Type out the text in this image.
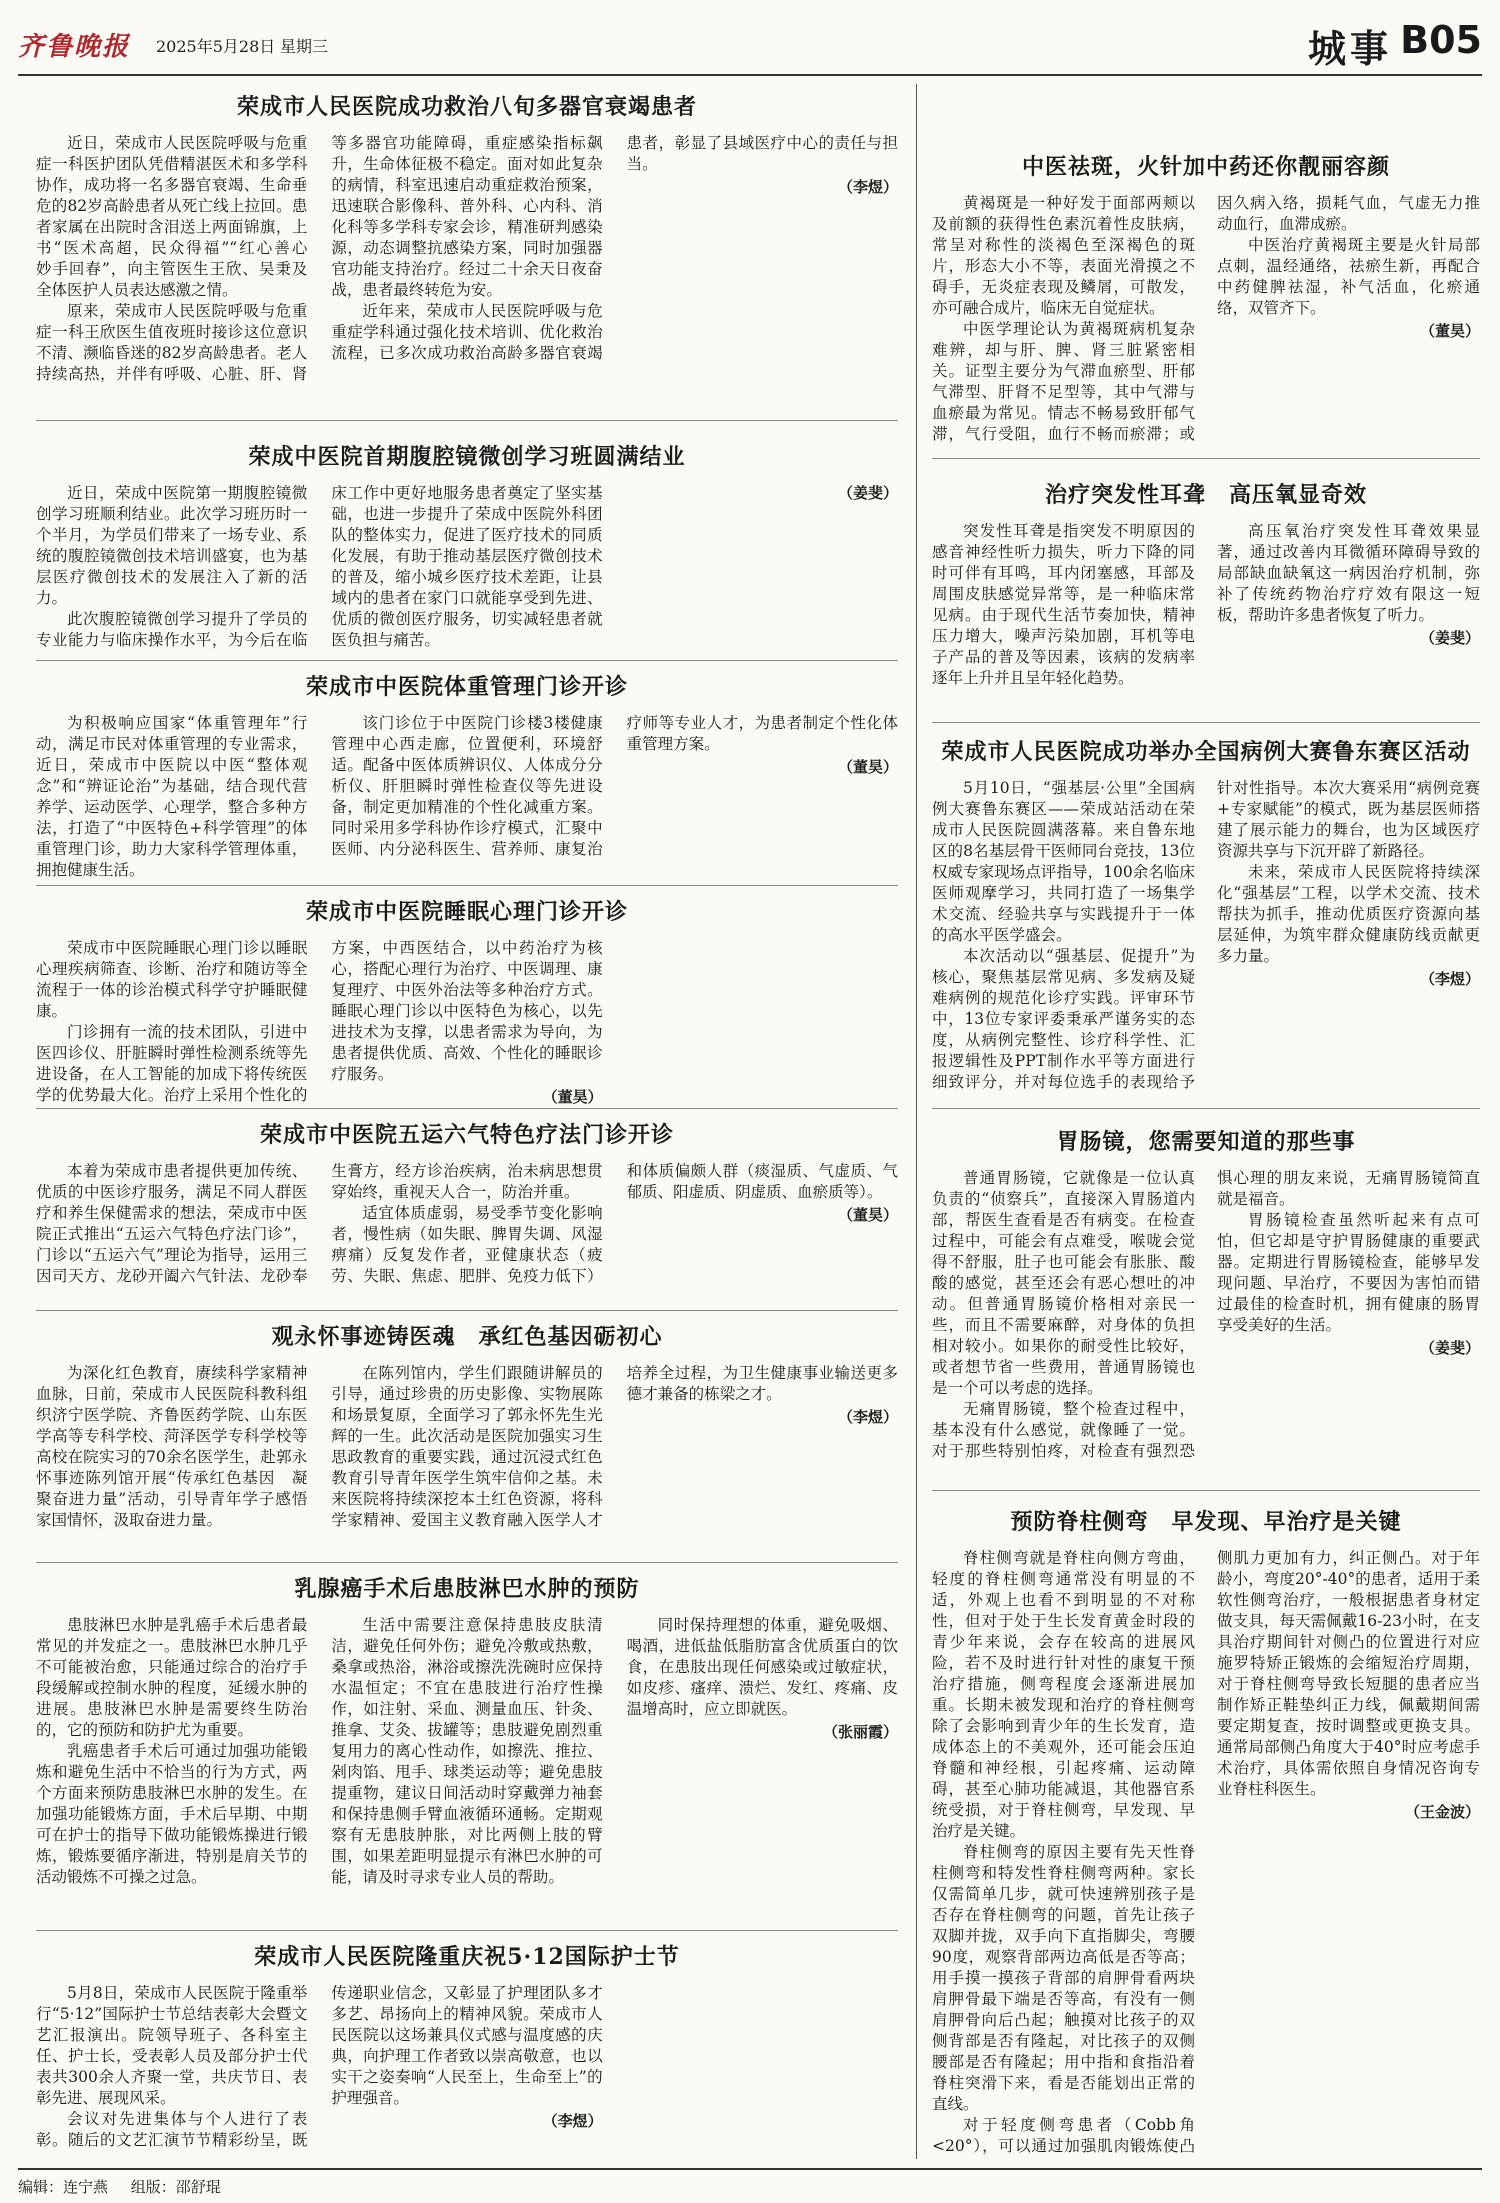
齐鲁晚报 2025年5月28日 星期三	城事 B05
荣成市人民医院成功救治八旬多器官衰竭患者

近日，荣成市人民医院呼吸与危重症一科医护团队凭借精湛医术和多学科协作，成功将一名多器官衰竭、生命垂危的82岁高龄患者从死亡线上拉回。患者家属在出院时含泪送上两面锦旗，上书“医术高超，民众得福”“红心善心　妙手回春”，向主管医生王欣、吴秉及全体医护人员表达感激之情。

原来，荣成市人民医院呼吸与危重症一科王欣医生值夜班时接诊这位意识不清、濒临昏迷的82岁高龄患者。老人持续高热，并伴有呼吸、心脏、肝、肾等多器官功能障碍，重症感染指标飙升，生命体征极不稳定。面对如此复杂的病情，科室迅速启动重症救治预案，迅速联合影像科、普外科、心内科、消化科等多学科专家会诊，精准研判感染源，动态调整抗感染方案，同时加强器官功能支持治疗。经过二十余天日夜奋战，患者最终转危为安。

近年来，荣成市人民医院呼吸与危重症学科通过强化技术培训、优化救治流程，已多次成功救治高龄多器官衰竭患者，彰显了县域医疗中心的责任与担当。

（李煜）
荣成中医院首期腹腔镜微创学习班圆满结业

近日，荣成中医院第一期腹腔镜微创学习班顺利结业。此次学习班历时一个半月，为学员们带来了一场专业、系统的腹腔镜微创技术培训盛宴，也为基层医疗微创技术的发展注入了新的活力。

此次腹腔镜微创学习提升了学员的专业能力与临床操作水平，为今后在临床工作中更好地服务患者奠定了坚实基础，也进一步提升了荣成中医院外科团队的整体实力，促进了医疗技术的同质化发展，有助于推动基层医疗微创技术的普及，缩小城乡医疗技术差距，让县域内的患者在家门口就能享受到先进、优质的微创医疗服务，切实减轻患者就医负担与痛苦。

（姜斐）
荣成市中医院体重管理门诊开诊

为积极响应国家“体重管理年”行动，满足市民对体重管理的专业需求，近日，荣成市中医院以中医“整体观念”和“辨证论治”为基础，结合现代营养学、运动医学、心理学，整合多种方法，打造了“中医特色+科学管理”的体重管理门诊，助力大家科学管理体重，拥抱健康生活。

该门诊位于中医院门诊楼3楼健康管理中心西走廊，位置便利，环境舒适。配备中医体质辨识仪、人体成分分析仪、肝胆瞬时弹性检查仪等先进设备，制定更加精准的个性化减重方案。同时采用多学科协作诊疗模式，汇聚中医师、内分泌科医生、营养师、康复治疗师等专业人才，为患者制定个性化体重管理方案。

（董昊）
荣成市中医院睡眠心理门诊开诊

荣成市中医院睡眠心理门诊以睡眠心理疾病筛查、诊断、治疗和随访等全流程于一体的诊治模式科学守护睡眠健康。

门诊拥有一流的技术团队，引进中医四诊仪、肝脏瞬时弹性检测系统等先进设备，在人工智能的加成下将传统医学的优势最大化。治疗上采用个性化的方案，中西医结合，以中药治疗为核心，搭配心理行为治疗、中医调理、康复理疗、中医外治法等多种治疗方式。睡眠心理门诊以中医特色为核心，以先进技术为支撑，以患者需求为导向，为患者提供优质、高效、个性化的睡眠诊疗服务。

（董昊）
荣成市中医院五运六气特色疗法门诊开诊

本着为荣成市患者提供更加传统、优质的中医诊疗服务，满足不同人群医疗和养生保健需求的想法，荣成市中医院正式推出“五运六气特色疗法门诊”，门诊以“五运六气”理论为指导，运用三因司天方、龙砂开阖六气针法、龙砂奉生膏方，经方诊治疾病，治未病思想贯穿始终，重视天人合一，防治并重。

适宜体质虚弱，易受季节变化影响者，慢性病（如失眠、脾胃失调、风湿痹痛）反复发作者，亚健康状态（疲劳、失眠、焦虑、肥胖、免疫力低下）和体质偏颇人群（痰湿质、气虚质、气郁质、阳虚质、阴虚质、血瘀质等）。

（董昊）
观永怀事迹铸医魂　承红色基因砺初心

为深化红色教育，赓续科学家精神血脉，日前，荣成市人民医院科教科组织济宁医学院、齐鲁医药学院、山东医学高等专科学校、菏泽医学专科学校等高校在院实习的70余名医学生，赴郭永怀事迹陈列馆开展“传承红色基因　凝聚奋进力量”活动，引导青年学子感悟家国情怀，汲取奋进力量。

在陈列馆内，学生们跟随讲解员的引导，通过珍贵的历史影像、实物展陈和场景复原，全面学习了郭永怀先生光辉的一生。此次活动是医院加强实习生思政教育的重要实践，通过沉浸式红色教育引导青年医学生筑牢信仰之基。未来医院将持续深挖本土红色资源，将科学家精神、爱国主义教育融入医学人才培养全过程，为卫生健康事业输送更多德才兼备的栋梁之才。

（李煜）
乳腺癌手术后患肢淋巴水肿的预防

患肢淋巴水肿是乳癌手术后患者最常见的并发症之一。患肢淋巴水肿几乎不可能被治愈，只能通过综合的治疗手段缓解或控制水肿的程度，延缓水肿的进展。患肢淋巴水肿是需要终生防治的，它的预防和防护尤为重要。

乳癌患者手术后可通过加强功能锻炼和避免生活中不恰当的行为方式，两个方面来预防患肢淋巴水肿的发生。在加强功能锻炼方面，手术后早期、中期可在护士的指导下做功能锻炼操进行锻炼，锻炼要循序渐进，特别是肩关节的活动锻炼不可操之过急。

生活中需要注意保持患肢皮肤清洁，避免任何外伤；避免冷敷或热敷，桑拿或热浴，淋浴或擦洗洗碗时应保持水温恒定；不宜在患肢进行治疗性操作，如注射、采血、测量血压、针灸、推拿、艾灸、拔罐等；患肢避免剧烈重复用力的离心性动作，如擦洗、推拉、剁肉馅、甩手、球类运动等；避免患肢提重物，建议日间活动时穿戴弹力袖套和保持患侧手臂血液循环通畅。定期观察有无患肢肿胀，对比两侧上肢的臂围，如果差距明显提示有淋巴水肿的可能，请及时寻求专业人员的帮助。

同时保持理想的体重，避免吸烟、喝酒，进低盐低脂肪富含优质蛋白的饮食，在患肢出现任何感染或过敏症状，如皮疹、瘙痒、溃烂、发红、疼痛、皮温增高时，应立即就医。

（张丽霞）
荣成市人民医院隆重庆祝5·12国际护士节

5月8日，荣成市人民医院于隆重举行“5·12”国际护士节总结表彰大会暨文艺汇报演出。院领导班子、各科室主任、护士长，受表彰人员及部分护士代表共300余人齐聚一堂，共庆节日、表彰先进、展现风采。

会议对先进集体与个人进行了表彰。随后的文艺汇演节节精彩纷呈，既传递职业信念，又彰显了护理团队多才多艺、昂扬向上的精神风貌。荣成市人民医院以这场兼具仪式感与温度感的庆典，向护理工作者致以崇高敬意，也以实干之姿奏响“人民至上，生命至上”的护理强音。

（李煜）
中医祛斑，火针加中药还你靓丽容颜

黄褐斑是一种好发于面部两颊以及前额的获得性色素沉着性皮肤病，常呈对称性的淡褐色至深褐色的斑片，形态大小不等，表面光滑摸之不碍手，无炎症表现及鳞屑，可散发，亦可融合成片，临床无自觉症状。

中医学理论认为黄褐斑病机复杂难辨，却与肝、脾、肾三脏紧密相关。证型主要分为气滞血瘀型、肝郁气滞型、肝肾不足型等，其中气滞与血瘀最为常见。情志不畅易致肝郁气滞，气行受阻，血行不畅而瘀滞；或因久病入络，损耗气血，气虚无力推动血行，血滞成瘀。

中医治疗黄褐斑主要是火针局部点刺，温经通络，祛瘀生新，再配合中药健脾祛湿，补气活血，化瘀通络，双管齐下。

（董昊）
治疗突发性耳聋　高压氧显奇效

突发性耳聋是指突发不明原因的感音神经性听力损失，听力下降的同时可伴有耳鸣，耳内闭塞感，耳部及周围皮肤感觉异常等，是一种临床常见病。由于现代生活节奏加快，精神压力增大，噪声污染加剧，耳机等电子产品的普及等因素，该病的发病率逐年上升并且呈年轻化趋势。

高压氧治疗突发性耳聋效果显著，通过改善内耳微循环障碍导致的局部缺血缺氧这一病因治疗机制，弥补了传统药物治疗疗效有限这一短板，帮助许多患者恢复了听力。

（姜斐）
荣成市人民医院成功举办全国病例大赛鲁东赛区活动

5月10日，“强基层·公里”全国病例大赛鲁东赛区——荣成站活动在荣成市人民医院圆满落幕。来自鲁东地区的8名基层骨干医师同台竞技，13位权威专家现场点评指导，100余名临床医师观摩学习，共同打造了一场集学术交流、经验共享与实践提升于一体的高水平医学盛会。

本次活动以“强基层、促提升”为核心，聚焦基层常见病、多发病及疑难病例的规范化诊疗实践。评审环节中，13位专家评委秉承严谨务实的态度，从病例完整性、诊疗科学性、汇报逻辑性及PPT制作水平等方面进行细致评分，并对每位选手的表现给予针对性指导。本次大赛采用“病例竞赛+专家赋能”的模式，既为基层医师搭建了展示能力的舞台，也为区域医疗资源共享与下沉开辟了新路径。

未来，荣成市人民医院将持续深化“强基层”工程，以学术交流、技术帮扶为抓手，推动优质医疗资源向基层延伸，为筑牢群众健康防线贡献更多力量。

（李煜）
胃肠镜，您需要知道的那些事

普通胃肠镜，它就像是一位认真负责的“侦察兵”，直接深入胃肠道内部，帮医生查看是否有病变。在检查过程中，可能会有点难受，喉咙会觉得不舒服，肚子也可能会有胀胀、酸酸的感觉，甚至还会有恶心想吐的冲动。但普通胃肠镜价格相对亲民一些，而且不需要麻醉，对身体的负担相对较小。如果你的耐受性比较好，或者想节省一些费用，普通胃肠镜也是一个可以考虑的选择。

无痛胃肠镜，整个检查过程中，基本没有什么感觉，就像睡了一觉。对于那些特别怕疼，对检查有强烈恐惧心理的朋友来说，无痛胃肠镜简直就是福音。

胃肠镜检查虽然听起来有点可怕，但它却是守护胃肠健康的重要武器。定期进行胃肠镜检查，能够早发现问题、早治疗，不要因为害怕而错过最佳的检查时机，拥有健康的肠胃享受美好的生活。

（姜斐）
预防脊柱侧弯　早发现、早治疗是关键

脊柱侧弯就是脊柱向侧方弯曲，轻度的脊柱侧弯通常没有明显的不适，外观上也看不到明显的不对称性，但对于处于生长发育黄金时段的青少年来说，会存在较高的进展风险，若不及时进行针对性的康复干预治疗措施，侧弯程度会逐渐进展加重。长期未被发现和治疗的脊柱侧弯除了会影响到青少年的生长发育，造成体态上的不美观外，还可能会压迫脊髓和神经根，引起疼痛、运动障碍，甚至心肺功能减退，其他器官系统受损，对于脊柱侧弯，早发现、早治疗是关键。

脊柱侧弯的原因主要有先天性脊柱侧弯和特发性脊柱侧弯两种。家长仅需简单几步，就可快速辨别孩子是否存在脊柱侧弯的问题，首先让孩子双脚并拢，双手向下直指脚尖，弯腰90度，观察背部两边高低是否等高；用手摸一摸孩子背部的肩胛骨看两块肩胛骨最下端是否等高，有没有一侧肩胛骨向后凸起；触摸对比孩子的双侧背部是否有隆起，对比孩子的双侧腰部是否有隆起；用中指和食指沿着脊柱突滑下来，看是否能划出正常的直线。

对于轻度侧弯患者（Cobb角<20°），可以通过加强肌肉锻炼使凸侧肌力更加有力，纠正侧凸。对于年龄小，弯度20°-40°的患者，适用于柔软性侧弯治疗，一般根据患者身材定做支具，每天需佩戴16-23小时，在支具治疗期间针对侧凸的位置进行对应施罗特矫正锻炼的会缩短治疗周期，对于脊柱侧弯导致长短腿的患者应当制作矫正鞋垫纠正力线，佩戴期间需要定期复查，按时调整或更换支具。通常局部侧凸角度大于40°时应考虑手术治疗，具体需依照自身情况咨询专业脊柱科医生。

（王金波）
编辑：连宁燕 组版：邵舒琨
